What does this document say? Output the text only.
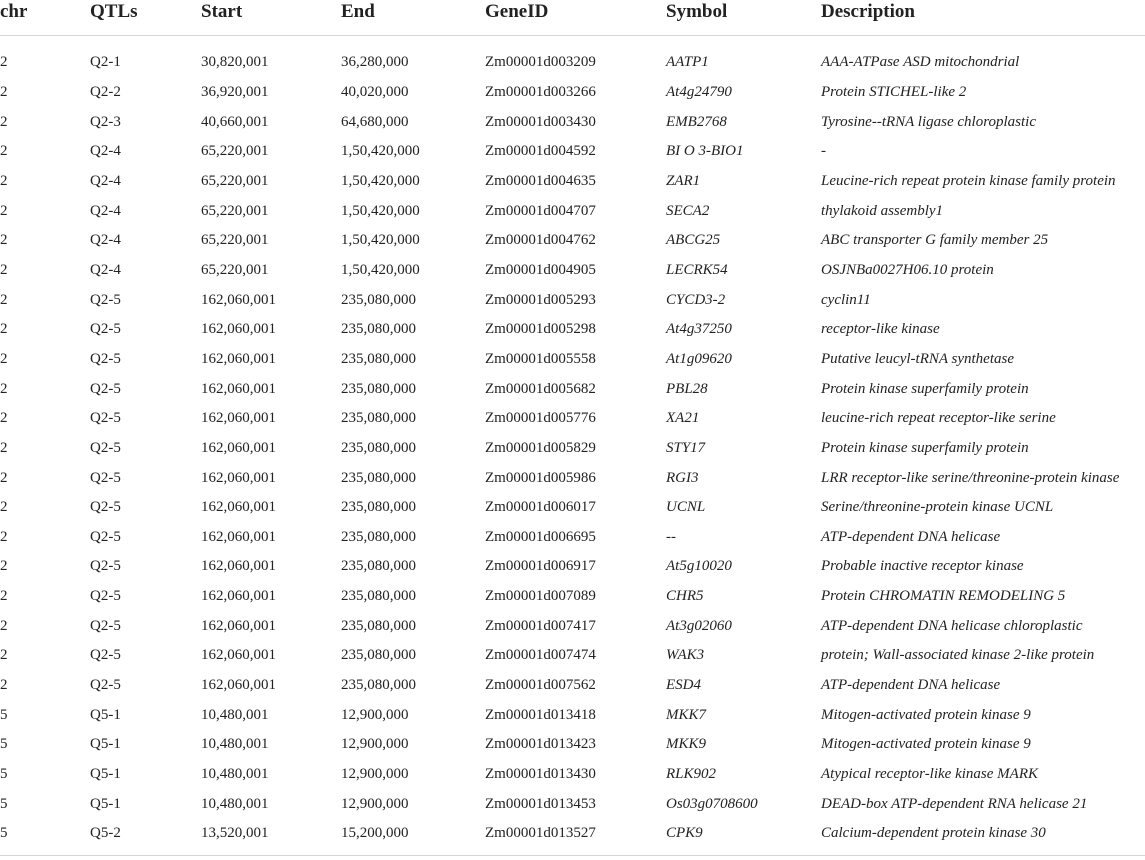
chr	QTLs	Start	End	GeneID	Symbol	Description

2	Q2-1	30,820,001	36,280,000	Zm00001d003209	AATP1	AAA-ATPase ASD mitochondrial
2	Q2-2	36,920,001	40,020,000	Zm00001d003266	At4g24790	Protein STICHEL-like 2
2	Q2-3	40,660,001	64,680,000	Zm00001d003430	EMB2768	Tyrosine--tRNA ligase chloroplastic
2	Q2-4	65,220,001	1,50,420,000	Zm00001d004592	BI O 3-BIO1	-
2	Q2-4	65,220,001	1,50,420,000	Zm00001d004635	ZAR1	Leucine-rich repeat protein kinase family protein
2	Q2-4	65,220,001	1,50,420,000	Zm00001d004707	SECA2	thylakoid assembly1
2	Q2-4	65,220,001	1,50,420,000	Zm00001d004762	ABCG25	ABC transporter G family member 25
2	Q2-4	65,220,001	1,50,420,000	Zm00001d004905	LECRK54	OSJNBa0027H06.10 protein
2	Q2-5	162,060,001	235,080,000	Zm00001d005293	CYCD3-2	cyclin11
2	Q2-5	162,060,001	235,080,000	Zm00001d005298	At4g37250	receptor-like kinase
2	Q2-5	162,060,001	235,080,000	Zm00001d005558	At1g09620	Putative leucyl-tRNA synthetase
2	Q2-5	162,060,001	235,080,000	Zm00001d005682	PBL28	Protein kinase superfamily protein
2	Q2-5	162,060,001	235,080,000	Zm00001d005776	XA21	leucine-rich repeat receptor-like serine
2	Q2-5	162,060,001	235,080,000	Zm00001d005829	STY17	Protein kinase superfamily protein
2	Q2-5	162,060,001	235,080,000	Zm00001d005986	RGI3	LRR receptor-like serine/threonine-protein kinase
2	Q2-5	162,060,001	235,080,000	Zm00001d006017	UCNL	Serine/threonine-protein kinase UCNL
2	Q2-5	162,060,001	235,080,000	Zm00001d006695	--	ATP-dependent DNA helicase
2	Q2-5	162,060,001	235,080,000	Zm00001d006917	At5g10020	Probable inactive receptor kinase
2	Q2-5	162,060,001	235,080,000	Zm00001d007089	CHR5	Protein CHROMATIN REMODELING 5
2	Q2-5	162,060,001	235,080,000	Zm00001d007417	At3g02060	ATP-dependent DNA helicase chloroplastic
2	Q2-5	162,060,001	235,080,000	Zm00001d007474	WAK3	protein; Wall-associated kinase 2-like protein
2	Q2-5	162,060,001	235,080,000	Zm00001d007562	ESD4	ATP-dependent DNA helicase
5	Q5-1	10,480,001	12,900,000	Zm00001d013418	MKK7	Mitogen-activated protein kinase 9
5	Q5-1	10,480,001	12,900,000	Zm00001d013423	MKK9	Mitogen-activated protein kinase 9
5	Q5-1	10,480,001	12,900,000	Zm00001d013430	RLK902	Atypical receptor-like kinase MARK
5	Q5-1	10,480,001	12,900,000	Zm00001d013453	Os03g0708600	DEAD-box ATP-dependent RNA helicase 21
5	Q5-2	13,520,001	15,200,000	Zm00001d013527	CPK9	Calcium-dependent protein kinase 30
